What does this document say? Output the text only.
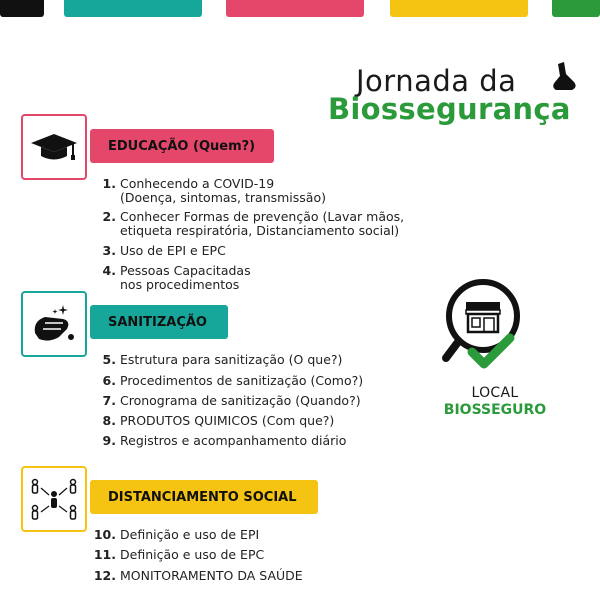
Jornada da
Biossegurança
EDUCAÇÃO (Quem?)
1. Conhecendo a COVID-19
(Doença, sintomas, transmissão)
2. Conhecer Formas de prevenção (Lavar mãos,
etiqueta respiratória, Distanciamento social)
3. Uso de EPI e EPC
4. Pessoas Capacitadas
nos procedimentos
SANITIZAÇÃO
5. Estrutura para sanitização (O que?)
6. Procedimentos de sanitização (Como?)
7. Cronograma de sanitização (Quando?)
8. PRODUTOS QUIMICOS (Com que?)
9. Registros e acompanhamento diário
DISTANCIAMENTO SOCIAL
10. Definição e uso de EPI
11. Definição e uso de EPC
12. MONITORAMENTO DA SAÚDE
LOCAL
BIOSSEGURO
